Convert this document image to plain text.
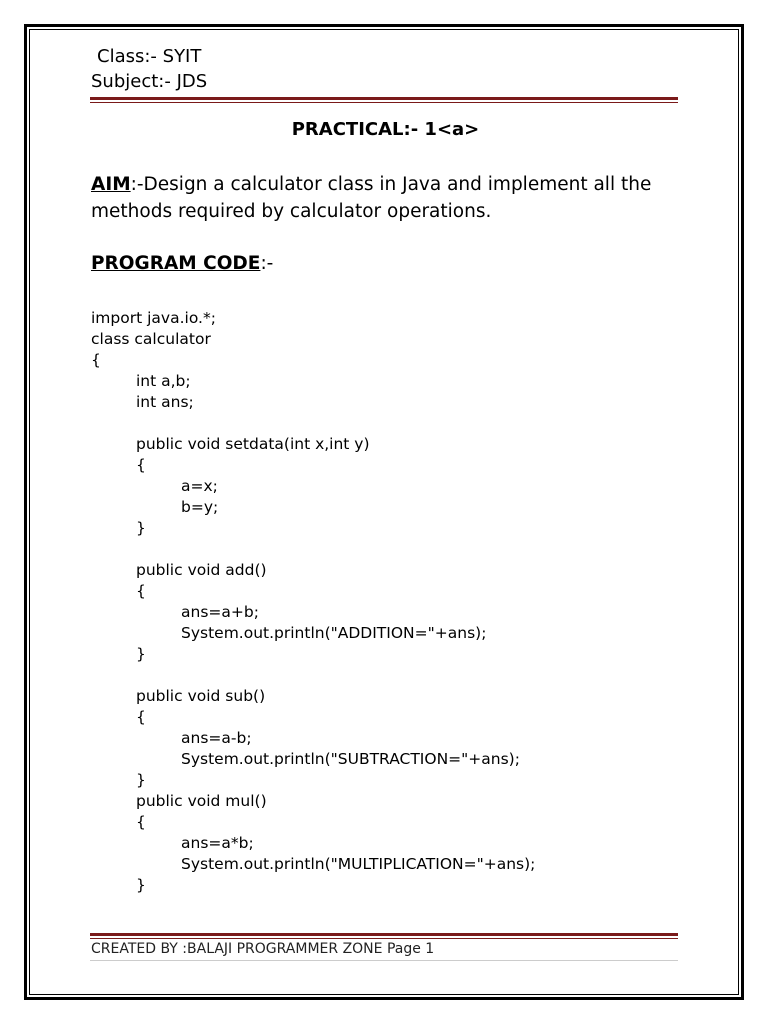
Class:- SYIT
Subject:- JDS
PRACTICAL:- 1<a>
AIM:-Design a calculator class in Java and implement all the methods required by calculator operations.
PROGRAM CODE:-
import java.io.*;
class calculator
{
int a,b;
int ans;
public void setdata(int x,int y)
{
a=x;
b=y;
}
public void add()
{
ans=a+b;
System.out.println("ADDITION="+ans);
}
public void sub()
{
ans=a-b;
System.out.println("SUBTRACTION="+ans);
}
public void mul()
{
ans=a*b;
System.out.println("MULTIPLICATION="+ans);
}
CREATED BY :BALAJI PROGRAMMER ZONE Page 1
